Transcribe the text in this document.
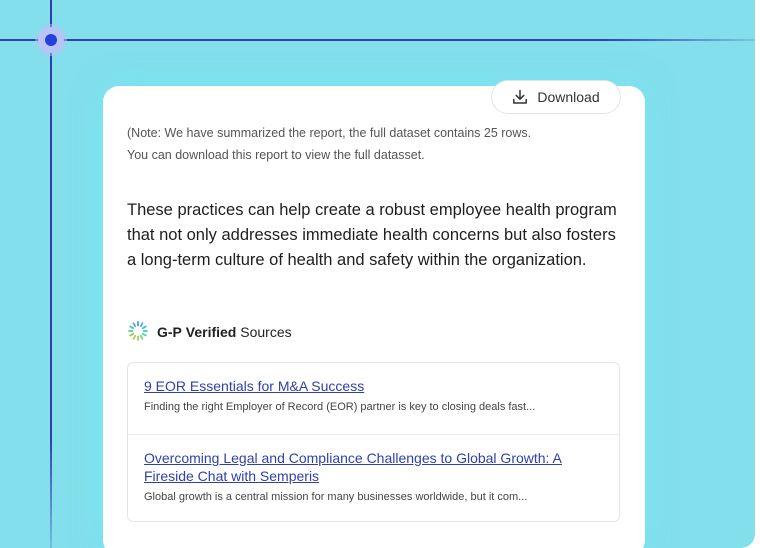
Download
(Note: We have summarized the report, the full dataset contains 25 rows.
You can download this report to view the full datasset.
These practices can help create a robust employee health program that not only addresses immediate health concerns but also fosters a long-term culture of health and safety within the organization.
G-P Verified Sources
9 EOR Essentials for M&A Success
Finding the right Employer of Record (EOR) partner is key to closing deals fast...
Overcoming Legal and Compliance Challenges to Global Growth: A Fireside Chat with Semperis
Global growth is a central mission for many businesses worldwide, but it com...
